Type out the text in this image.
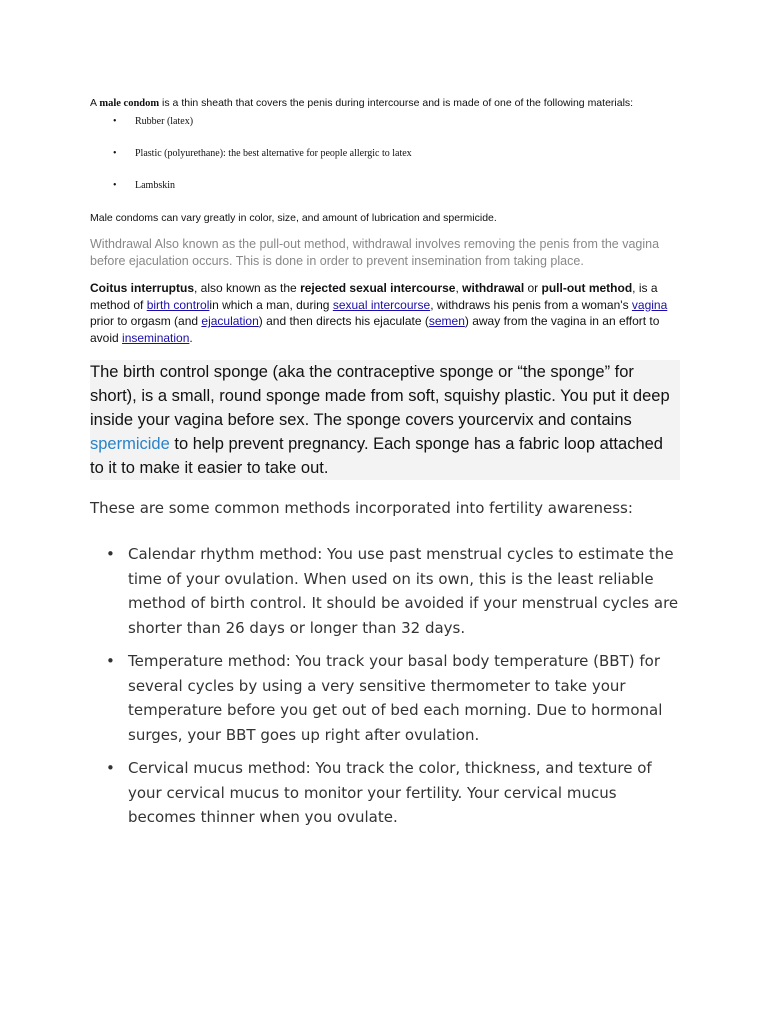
A male condom is a thin sheath that covers the penis during intercourse and is made of one of the following materials:

• Rubber (latex)
• Plastic (polyurethane): the best alternative for people allergic to latex
• Lambskin

Male condoms can vary greatly in color, size, and amount of lubrication and spermicide.

Withdrawal Also known as the pull-out method, withdrawal involves removing the penis from the vagina before ejaculation occurs. This is done in order to prevent insemination from taking place.

Coitus interruptus, also known as the rejected sexual intercourse, withdrawal or pull-out method, is a method of birth controlin which a man, during sexual intercourse, withdraws his penis from a woman's vagina prior to orgasm (and ejaculation) and then directs his ejaculate (semen) away from the vagina in an effort to avoid insemination.

The birth control sponge (aka the contraceptive sponge or “the sponge” for short), is a small, round sponge made from soft, squishy plastic. You put it deep inside your vagina before sex. The sponge covers yourcervix and contains spermicide to help prevent pregnancy. Each sponge has a fabric loop attached to it to make it easier to take out.

These are some common methods incorporated into fertility awareness:

• Calendar rhythm method: You use past menstrual cycles to estimate the time of your ovulation. When used on its own, this is the least reliable method of birth control. It should be avoided if your menstrual cycles are shorter than 26 days or longer than 32 days.
• Temperature method: You track your basal body temperature (BBT) for several cycles by using a very sensitive thermometer to take your temperature before you get out of bed each morning. Due to hormonal surges, your BBT goes up right after ovulation.
• Cervical mucus method: You track the color, thickness, and texture of your cervical mucus to monitor your fertility. Your cervical mucus becomes thinner when you ovulate.
